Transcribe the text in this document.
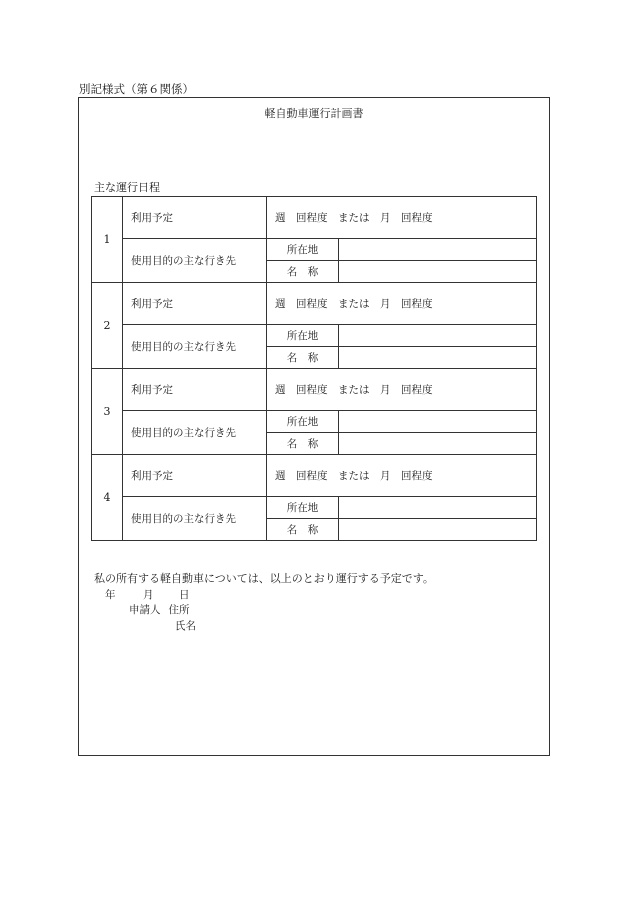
別記様式（第６関係）
軽自動車運行計画書
主な運行日程
1	利用予定	週　回程度　または　月　回程度	
	使用目的の主な行き先	所在地	
		名　称	
2	利用予定	週　回程度　または　月　回程度	
	使用目的の主な行き先	所在地	
		名　称	
3	利用予定	週　回程度　または　月　回程度	
	使用目的の主な行き先	所在地	
		名　称	
4	利用予定	週　回程度　または　月　回程度	
	使用目的の主な行き先	所在地	
		名　称	
私の所有する軽自動車については、以上のとおり運行する予定です。
年	月 日
申請人 住所
氏名
